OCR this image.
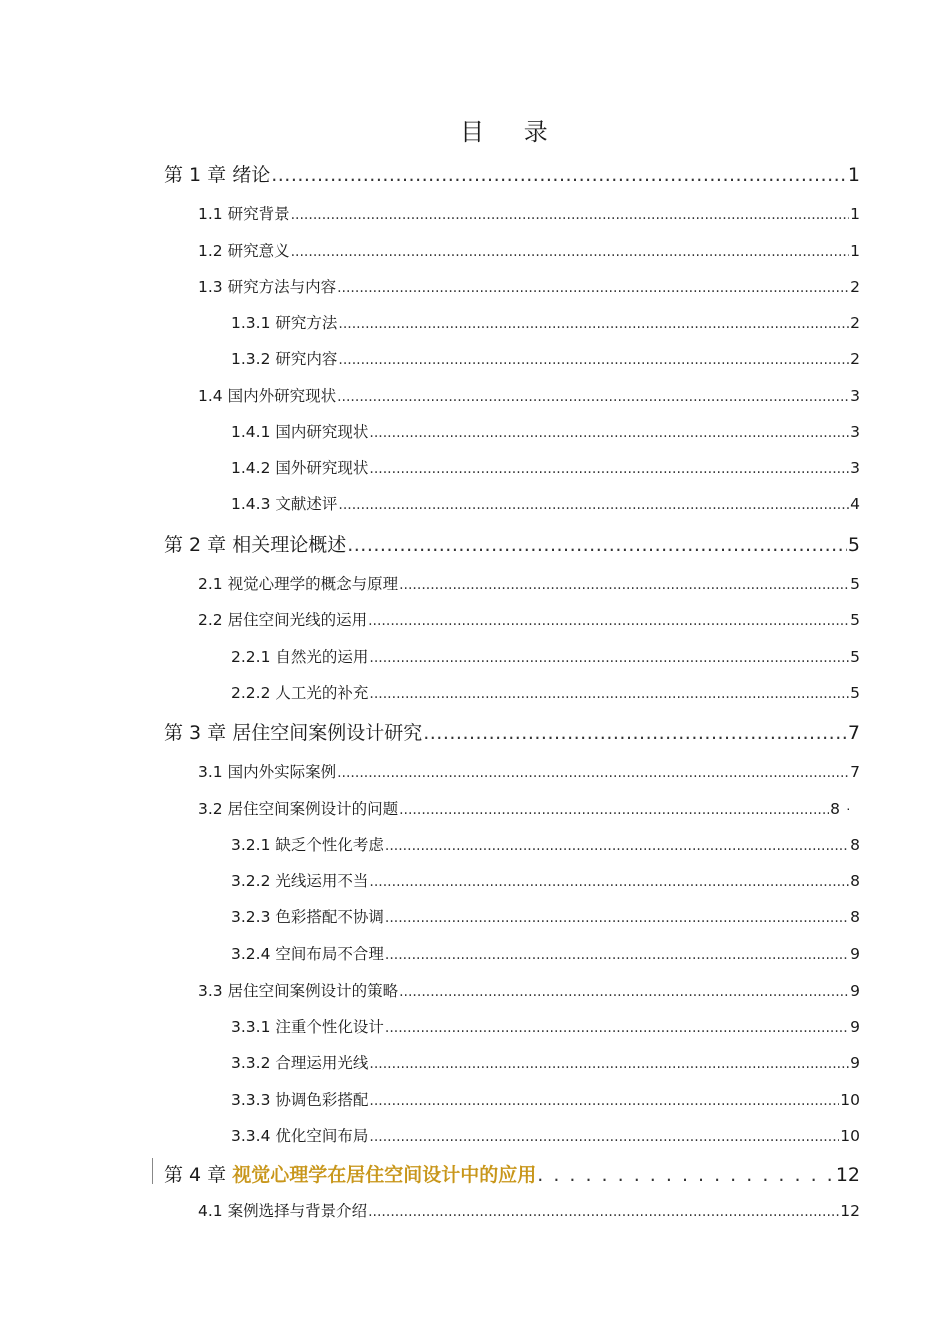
目 录
第 1 章 绪论 .....	1
1.1 研究背景 .....	1
1.2 研究意义 .....	1
1.3 研究方法与内容 .....	2
1.3.1 研究方法 .....	2
1.3.2 研究内容 .....	2
1.4 国内外研究现状 .....	3
1.4.1 国内研究现状 .....	3
1.4.2 国外研究现状 .....	3
1.4.3 文献述评 .....	4
第 2 章 相关理论概述 .....	5
2.1 视觉心理学的概念与原理 .....	5
2.2 居住空间光线的运用 .....	5
2.2.1 自然光的运用 .....	5
2.2.2 人工光的补充 .....	5
第 3 章 居住空间案例设计研究 .....	7
3.1 国内外实际案例 .....	7
3.2 居住空间案例设计的问题 .....	8
3.2.1 缺乏个性化考虑 .....	8
3.2.2 光线运用不当 .....	8
3.2.3 色彩搭配不协调 .....	8
3.2.4 空间布局不合理 .....	9
3.3 居住空间案例设计的策略 .....	9
3.3.1 注重个性化设计 .....	9
3.3.2 合理运用光线 .....	9
3.3.3 协调色彩搭配 .....	10
3.3.4 优化空间布局 .....	10
第 4 章 视觉心理学在居住空间设计中的应用 . . .	12
4.1 案例选择与背景介绍 .....	12
·
